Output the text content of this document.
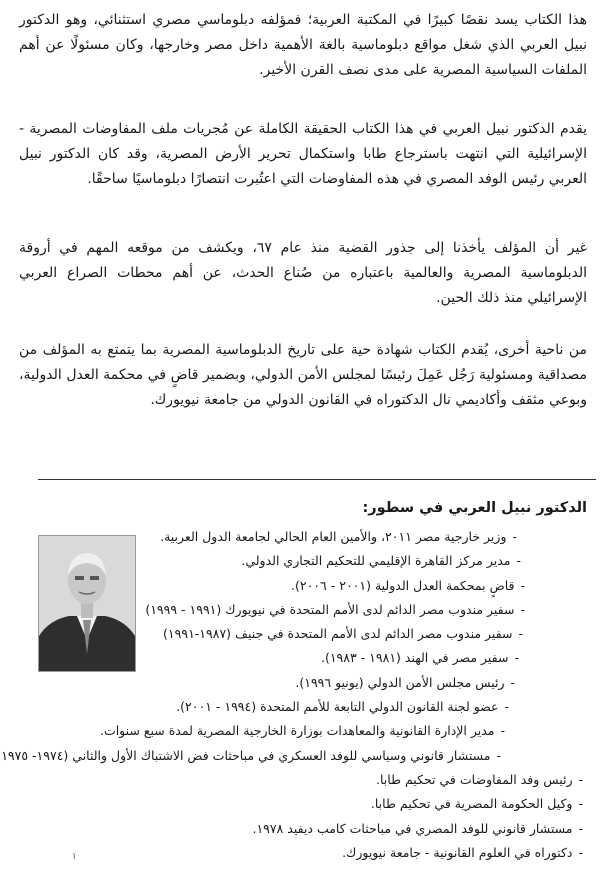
هذا الكتاب يسد نقصًا كبيرًا في المكتبة العربية؛ فمؤلفه دبلوماسي مصري استثنائي، وهو الدكتور نبيل العربي الذي شغل مواقع دبلوماسية بالغة الأهمية داخل مصر وخارجها، وكان مسئولًا عن أهم الملفات السياسية المصرية على مدى نصف القرن الأخير.

يقدم الدكتور نبيل العربي في هذا الكتاب الحقيقة الكاملة عن مُجريات ملف المفاوضات المصرية - الإسرائيلية التي انتهت باسترجاع طابا واستكمال تحرير الأرض المصرية، وقد كان الدكتور نبيل العربي رئيس الوفد المصري في هذه المفاوضات التي اعتُبرت انتصارًا دبلوماسيًا ساحقًا.

غير أن المؤلف يأخذنا إلى جذور القضية منذ عام ٦٧، ويكشف من موقعه المهم في أروقة الدبلوماسية المصرية والعالمية باعتباره من صُناع الحدث، عن أهم محطات الصراع العربي الإسرائيلي منذ ذلك الحين.

من ناحية أخرى، يُقدم الكتاب شهادة حية على تاريخ الدبلوماسية المصرية بما يتمتع به المؤلف من مصداقية ومسئولية رَجُل عَمِلَ رئيسًا لمجلس الأمن الدولي، وبضمير قاضٍ في محكمة العدل الدولية، وبوعي مثقف وأكاديمي نال الدكتوراه في القانون الدولي من جامعة نيويورك.

الدكتور نبيل العربي في سطور:
- وزير خارجية مصر ٢٠١١، والأمين العام الحالي لجامعة الدول العربية.
- مدير مركز القاهرة الإقليمي للتحكيم التجاري الدولي.
- قاضٍ بمحكمة العدل الدولية (٢٠٠١ - ٢٠٠٦).
- سفير مندوب مصر الدائم لدى الأمم المتحدة في نيويورك (١٩٩١ - ١٩٩٩)
- سفير مندوب مصر الدائم لدى الأمم المتحدة في جنيف (١٩٨٧-١٩٩١)
- سفير مصر في الهند (١٩٨١ - ١٩٨٣).
- رئيس مجلس الأمن الدولي (يونيو ١٩٩٦).
- عضو لجنة القانون الدولي التابعة للأمم المتحدة (١٩٩٤ - ٢٠٠١).
- مدير الإدارة القانونية والمعاهدات بوزارة الخارجية المصرية لمدة سبع سنوات.
- مستشار قانوني وسياسي للوفد العسكري في مباحثات فض الاشتباك الأول والثاني (١٩٧٤- ١٩٧٥
- رئيس وفد المفاوضات في تحكيم طابا.
- وكيل الحكومة المصرية في تحكيم طابا.
- مستشار قانوني للوفد المصري في مباحثات كامب ديفيد ١٩٧٨.
- دكتوراه في العلوم القانونية - جامعة نيويورك.
١
